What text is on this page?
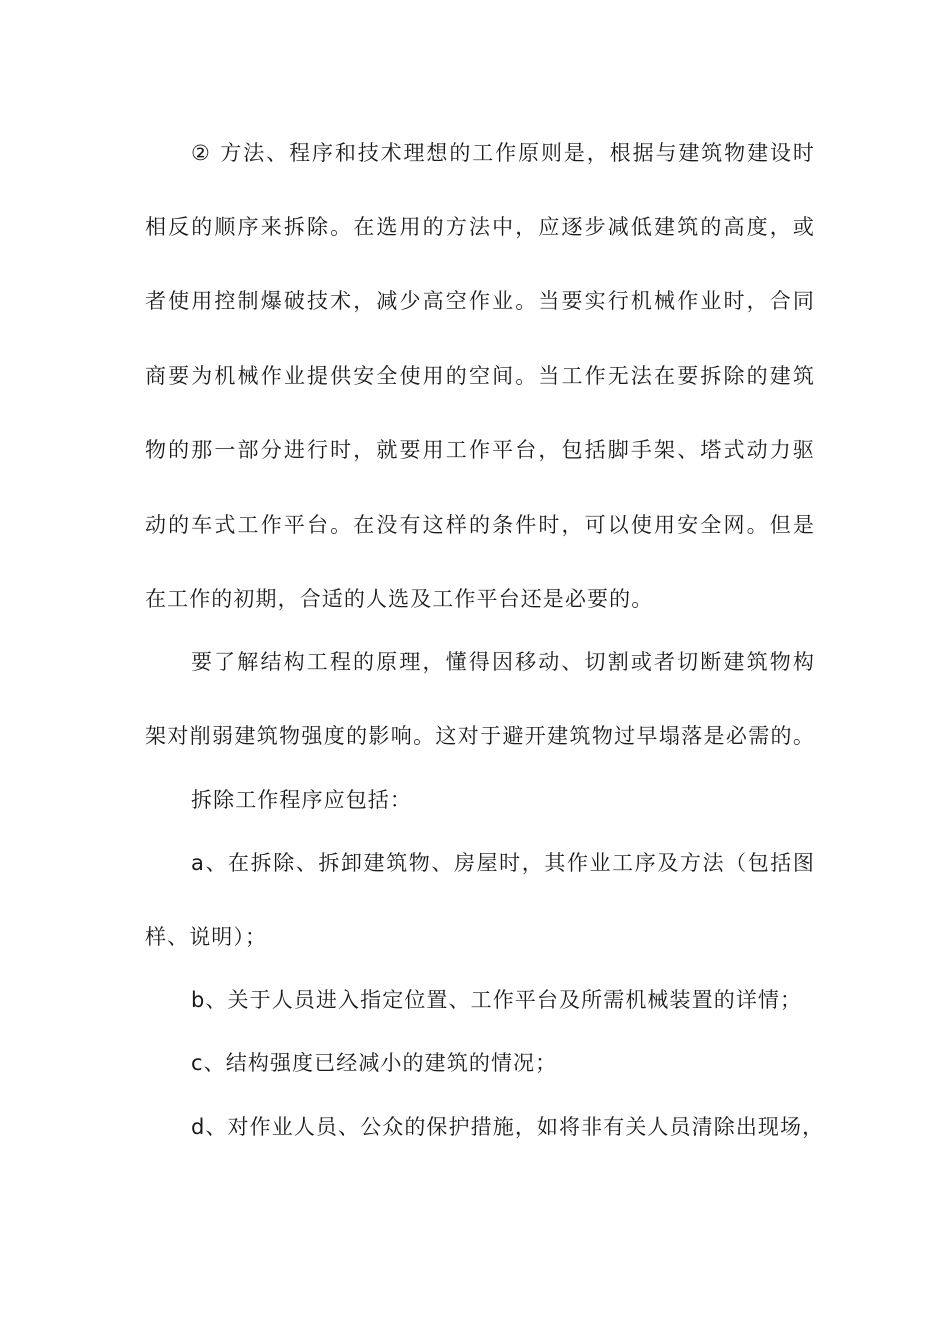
② 方法、程序和技术理想的工作原则是，根据与建筑物建设时
相反的顺序来拆除。在选用的方法中，应逐步减低建筑的高度，或
者使用控制爆破技术，减少高空作业。当要实行机械作业时，合同
商要为机械作业提供安全使用的空间。当工作无法在要拆除的建筑
物的那一部分进行时，就要用工作平台，包括脚手架、塔式动力驱
动的车式工作平台。在没有这样的条件时，可以使用安全网。但是
在工作的初期，合适的人选及工作平台还是必要的。
要了解结构工程的原理，懂得因移动、切割或者切断建筑物构
架对削弱建筑物强度的影响。这对于避开建筑物过早塌落是必需的。
拆除工作程序应包括：
a、在拆除、拆卸建筑物、房屋时，其作业工序及方法（包括图
样、说明）；
b、关于人员进入指定位置、工作平台及所需机械装置的详情；
c、结构强度已经减小的建筑的情况；
d、对作业人员、公众的保护措施，如将非有关人员清除出现场，
